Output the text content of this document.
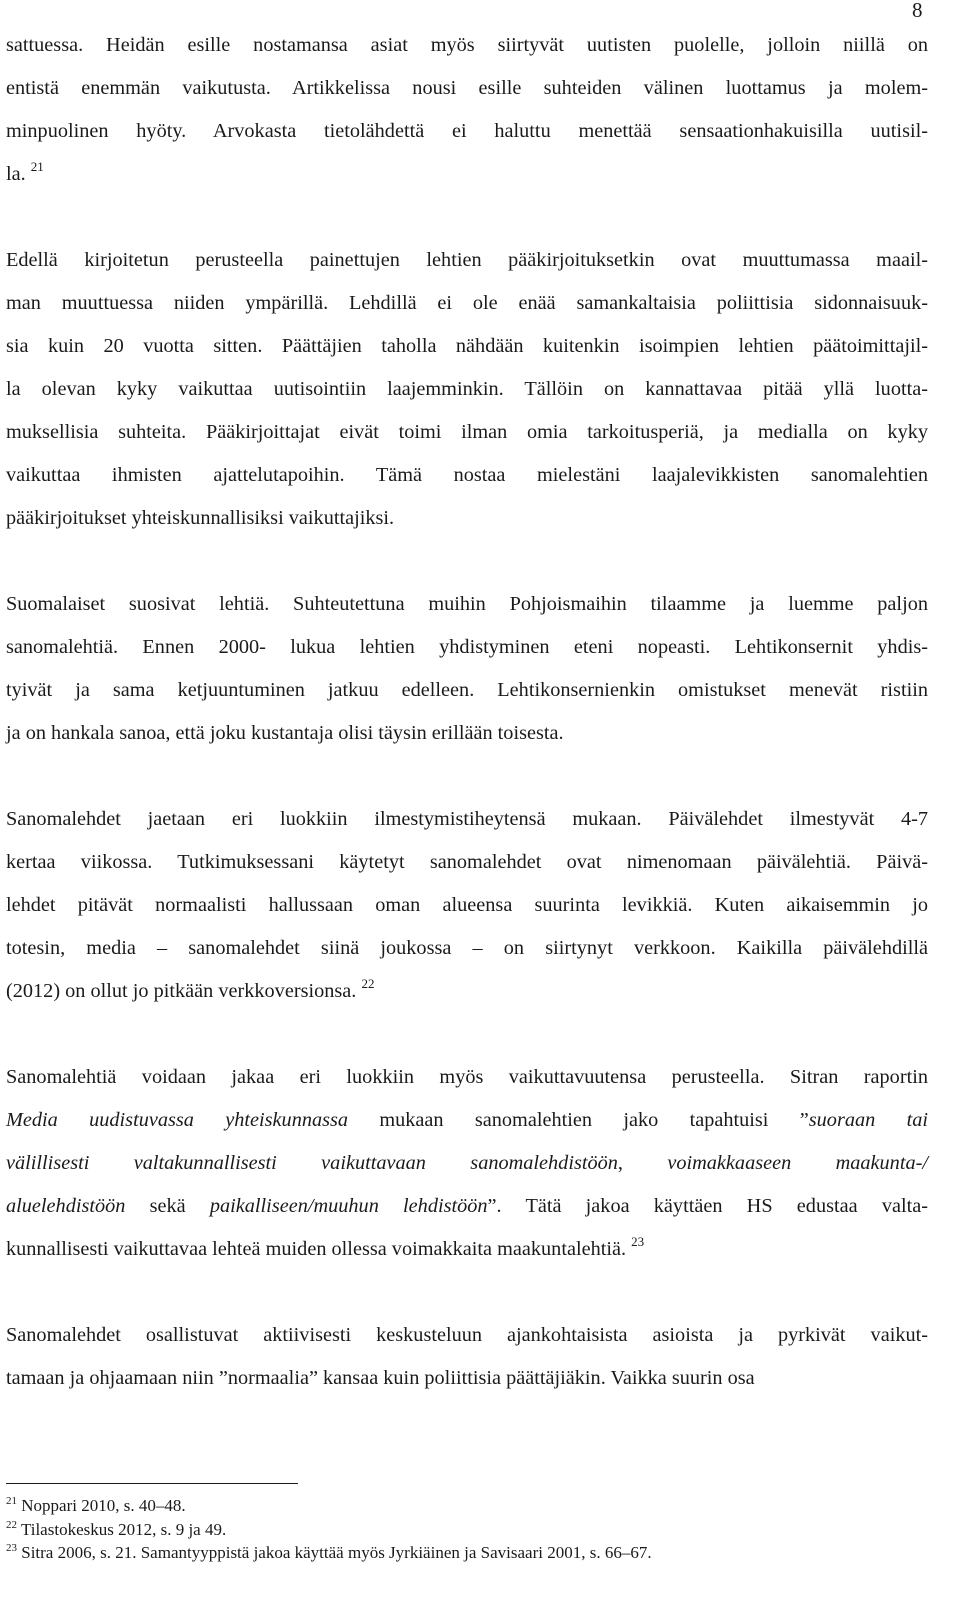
8
sattuessa. Heidän esille nostamansa asiat myös siirtyvät uutisten puolelle, jolloin niillä on
entistä enemmän vaikutusta. Artikkelissa nousi esille suhteiden välinen luottamus ja molem-
minpuolinen hyöty. Arvokasta tietolähdettä ei haluttu menettää sensaationhakuisilla uutisil-
la. $^{21}$
Edellä kirjoitetun perusteella painettujen lehtien pääkirjoituksetkin ovat muuttumassa maail-
man muuttuessa niiden ympärillä. Lehdillä ei ole enää samankaltaisia poliittisia sidonnaisuuk-
sia kuin 20 vuotta sitten. Päättäjien taholla nähdään kuitenkin isoimpien lehtien päätoimittajil-
la olevan kyky vaikuttaa uutisointiin laajemminkin. Tällöin on kannattavaa pitää yllä luotta-
muksellisia suhteita. Pääkirjoittajat eivät toimi ilman omia tarkoitusperiä, ja medialla on kyky
vaikuttaa ihmisten ajattelutapoihin. Tämä nostaa mielestäni laajalevikkisten sanomalehtien
pääkirjoitukset yhteiskunnallisiksi vaikuttajiksi.
Suomalaiset suosivat lehtiä. Suhteutettuna muihin Pohjoismaihin tilaamme ja luemme paljon
sanomalehtiä. Ennen 2000- lukua lehtien yhdistyminen eteni nopeasti. Lehtikonsernit yhdis-
tyivät ja sama ketjuuntuminen jatkuu edelleen. Lehtikonsernienkin omistukset menevät ristiin
ja on hankala sanoa, että joku kustantaja olisi täysin erillään toisesta.
Sanomalehdet jaetaan eri luokkiin ilmestymistiheytensä mukaan. Päivälehdet ilmestyvät 4-7
kertaa viikossa. Tutkimuksessani käytetyt sanomalehdet ovat nimenomaan päivälehtiä. Päivä-
lehdet pitävät normaalisti hallussaan oman alueensa suurinta levikkiä. Kuten aikaisemmin jo
totesin, media – sanomalehdet siinä joukossa – on siirtynyt verkkoon. Kaikilla päivälehdillä
(2012) on ollut jo pitkään verkkoversionsa. $^{22}$
Sanomalehtiä voidaan jakaa eri luokkiin myös vaikuttavuutensa perusteella. Sitran raportin
Media uudistuvassa yhteiskunnassa mukaan sanomalehtien jako tapahtuisi ”suoraan tai
välillisesti valtakunnallisesti vaikuttavaan sanomalehdistöön, voimakkaaseen maakunta-/
aluelehdistöön sekä paikalliseen/muuhun lehdistöön”. Tätä jakoa käyttäen HS edustaa valta-
kunnallisesti vaikuttavaa lehteä muiden ollessa voimakkaita maakuntalehtiä. $^{23}$
Sanomalehdet osallistuvat aktiivisesti keskusteluun ajankohtaisista asioista ja pyrkivät vaikut-
tamaan ja ohjaamaan niin ”normaalia” kansaa kuin poliittisia päättäjiäkin. Vaikka suurin osa
$^{21}$ Noppari 2010, s. 40–48.
$^{22}$ Tilastokeskus 2012, s. 9 ja 49.
$^{23}$ Sitra 2006, s. 21. Samantyyppistä jakoa käyttää myös Jyrkiäinen ja Savisaari 2001, s. 66–67.
